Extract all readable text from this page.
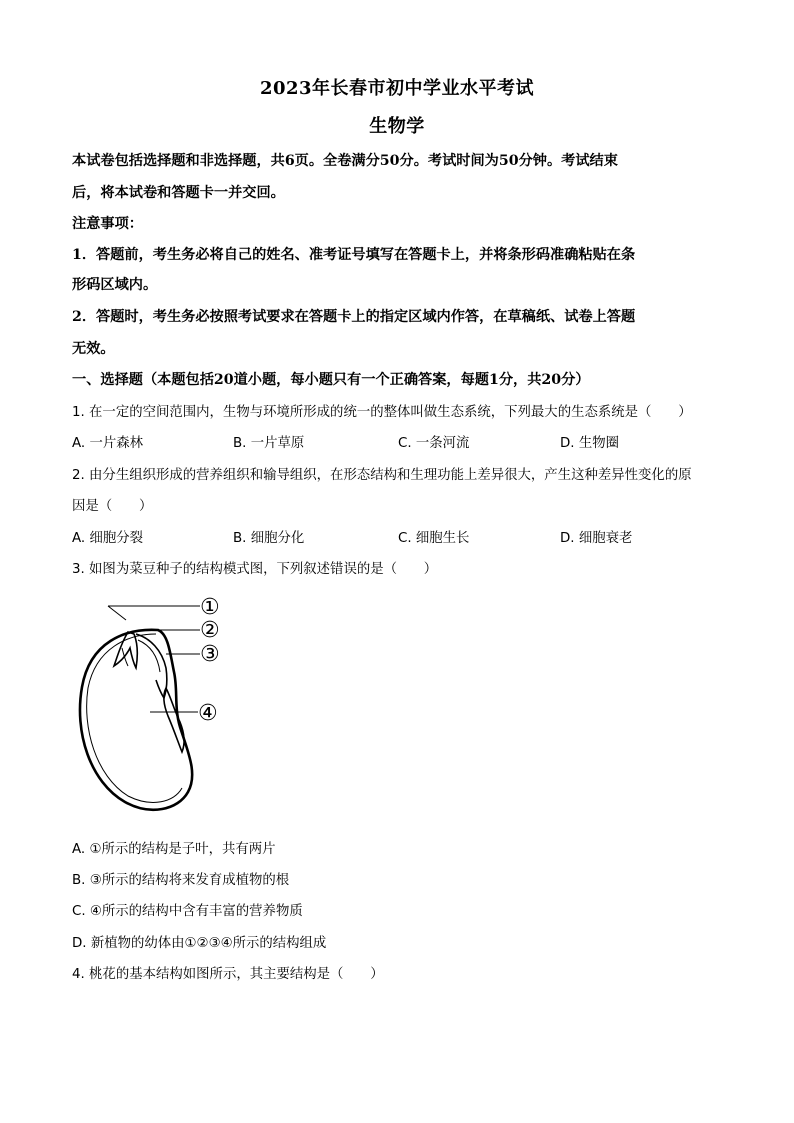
2023年长春市初中学业水平考试
生物学
本试卷包括选择题和非选择题，共6页。全卷满分50分。考试时间为50分钟。考试结束
后，将本试卷和答题卡一并交回。
注意事项：
1．答题前，考生务必将自己的姓名、准考证号填写在答题卡上，并将条形码准确粘贴在条
形码区域内。
2．答题时，考生务必按照考试要求在答题卡上的指定区域内作答，在草稿纸、试卷上答题
无效。
一、选择题（本题包括20道小题，每小题只有一个正确答案，每题1分，共20分）
1. 在一定的空间范围内，生物与环境所形成的统一的整体叫做生态系统，下列最大的生态系统是（　　）
A. 一片森林	B. 一片草原	C. 一条河流	D. 生物圈
2. 由分生组织形成的营养组织和输导组织，在形态结构和生理功能上差异很大，产生这种差异性变化的原
因是（　　）
A. 细胞分裂	B. 细胞分化	C. 细胞生长	D. 细胞衰老
3. 如图为菜豆种子的结构模式图，下列叙述错误的是（　　）
①
②
③
④
A. ①所示的结构是子叶，共有两片
B. ③所示的结构将来发育成植物的根
C. ④所示的结构中含有丰富的营养物质
D. 新植物的幼体由①②③④所示的结构组成
4. 桃花的基本结构如图所示，其主要结构是（　　）
